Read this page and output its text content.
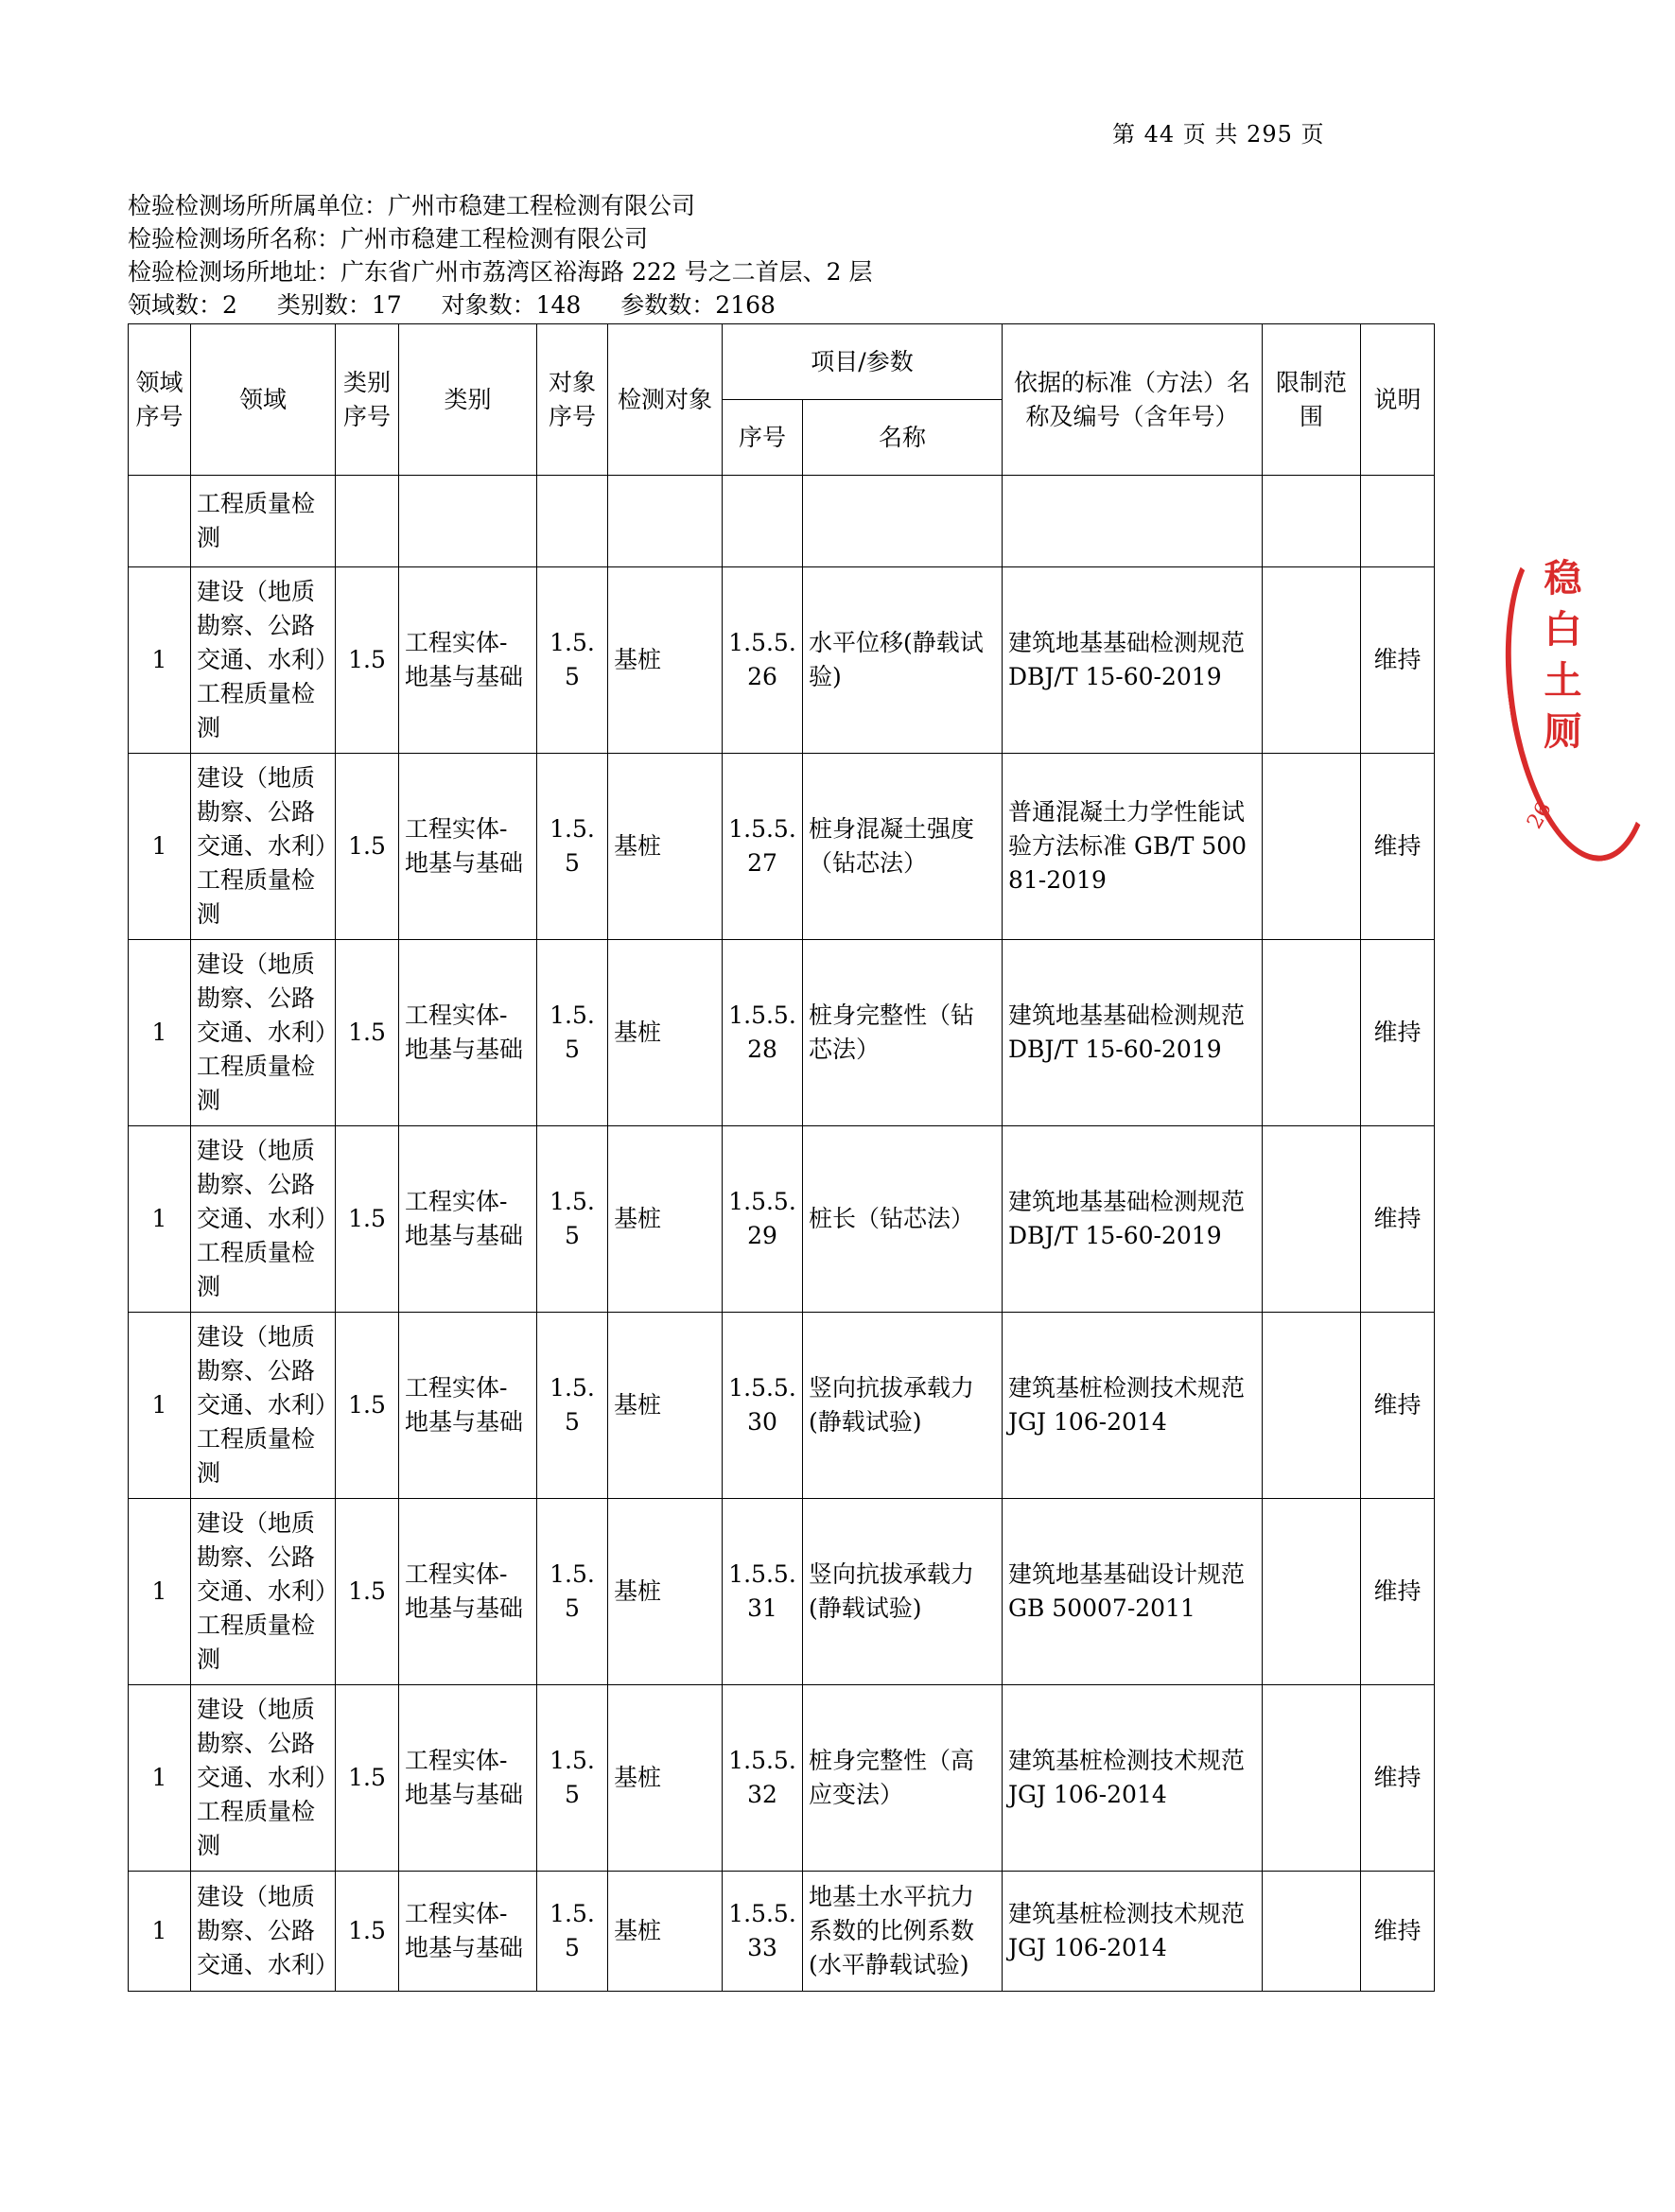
第 44 页 共 295 页
检验检测场所所属单位：广州市稳建工程检测有限公司
检验检测场所名称：广州市稳建工程检测有限公司
检验检测场所地址：广东省广州市荔湾区裕海路 222 号之二首层、2 层
领域数：2 类别数：17 对象数：148 参数数：2168
领域序号	领域	类别序号	类别	对象序号	检测对象	项目/参数		依据的标准（方法）名称及编号（含年号）	限制范围	说明
						序号	名称			
	工程质量检测									
1	建设（地质勘察、公路交通、水利）工程质量检测	1.5	工程实体-地基与基础	1.5.5	基桩	1.5.5.26	水平位移(静载试验)	建筑地基基础检测规范 DBJ/T 15-60-2019		维持
1	建设（地质勘察、公路交通、水利）工程质量检测	1.5	工程实体-地基与基础	1.5.5	基桩	1.5.5.27	桩身混凝土强度（钻芯法）	普通混凝土力学性能试验方法标准 GB/T 50081-2019		维持
1	建设（地质勘察、公路交通、水利）工程质量检测	1.5	工程实体-地基与基础	1.5.5	基桩	1.5.5.28	桩身完整性（钻芯法）	建筑地基基础检测规范 DBJ/T 15-60-2019		维持
1	建设（地质勘察、公路交通、水利）工程质量检测	1.5	工程实体-地基与基础	1.5.5	基桩	1.5.5.29	桩长（钻芯法）	建筑地基基础检测规范 DBJ/T 15-60-2019		维持
1	建设（地质勘察、公路交通、水利）工程质量检测	1.5	工程实体-地基与基础	1.5.5	基桩	1.5.5.30	竖向抗拔承载力(静载试验)	建筑基桩检测技术规范 JGJ 106-2014		维持
1	建设（地质勘察、公路交通、水利）工程质量检测	1.5	工程实体-地基与基础	1.5.5	基桩	1.5.5.31	竖向抗拔承载力(静载试验)	建筑地基基础设计规范 GB 50007-2011		维持
1	建设（地质勘察、公路交通、水利）工程质量检测	1.5	工程实体-地基与基础	1.5.5	基桩	1.5.5.32	桩身完整性（高应变法）	建筑基桩检测技术规范 JGJ 106-2014		维持
1	建设（地质勘察、公路交通、水利）	1.5	工程实体-地基与基础	1.5.5	基桩	1.5.5.33	地基土水平抗力系数的比例系数(水平静载试验)	建筑基桩检测技术规范 JGJ 106-2014		维持
稳 白 土 厕
26
